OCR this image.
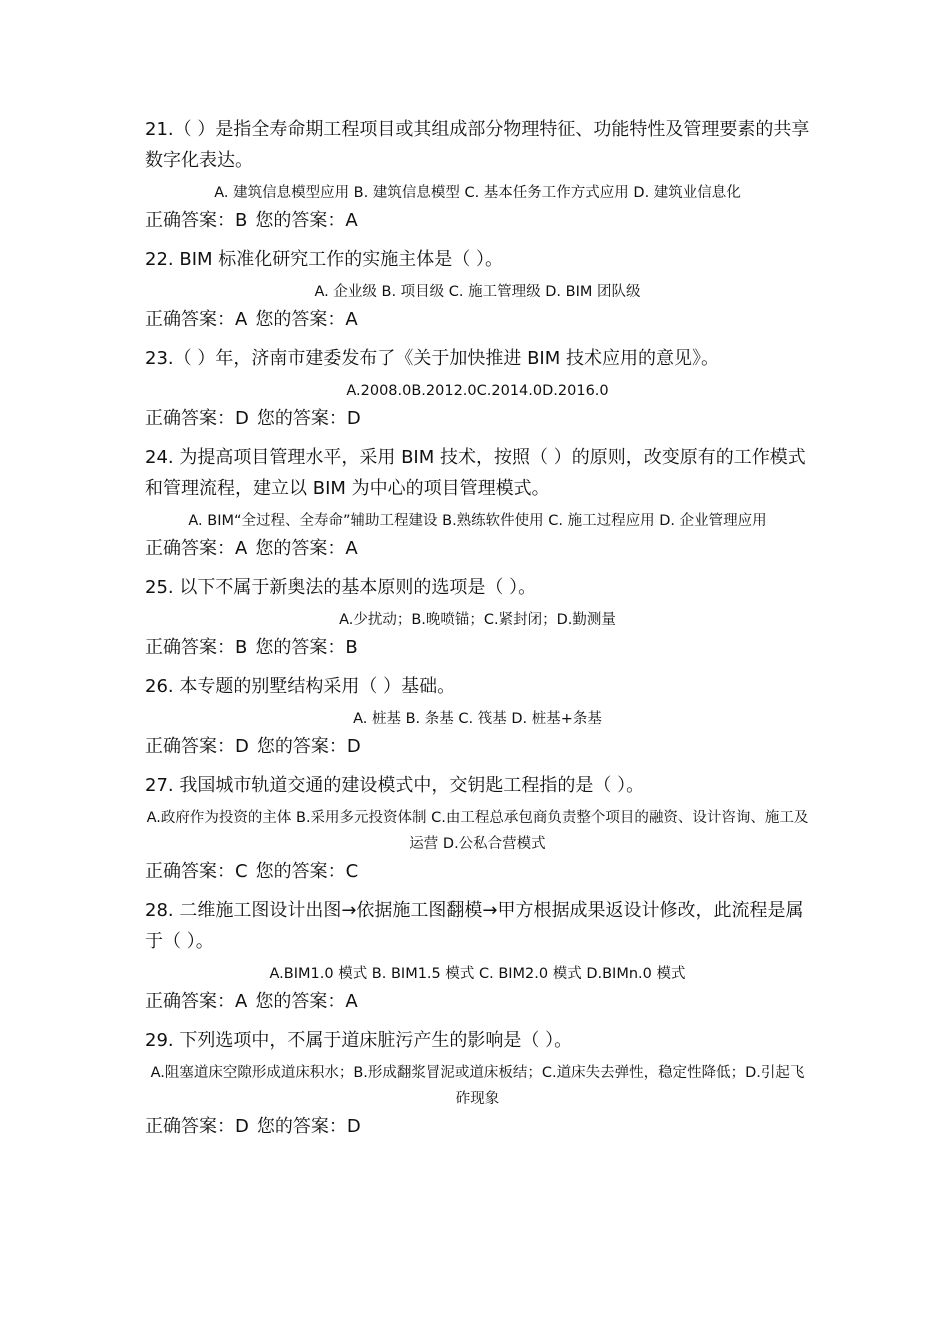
21.（ ）是指全寿命期工程项目或其组成部分物理特征、功能特性及管理要素的共享数字化表达。
A. 建筑信息模型应用 B. 建筑信息模型 C. 基本任务工作方式应用 D. 建筑业信息化
正确答案：B 您的答案：A
22. BIM 标准化研究工作的实施主体是（ ）。
A. 企业级 B. 项目级 C. 施工管理级 D. BIM 团队级
正确答案：A 您的答案：A
23.（ ）年，济南市建委发布了《关于加快推进 BIM 技术应用的意见》。
A.2008.0B.2012.0C.2014.0D.2016.0
正确答案：D 您的答案：D
24. 为提高项目管理水平，采用 BIM 技术，按照（ ）的原则，改变原有的工作模式和管理流程，建立以 BIM 为中心的项目管理模式。
A. BIM“全过程、全寿命”辅助工程建设 B.熟练软件使用 C. 施工过程应用 D. 企业管理应用
正确答案：A 您的答案：A
25. 以下不属于新奥法的基本原则的选项是（ ）。
A.少扰动；B.晚喷锚；C.紧封闭；D.勤测量
正确答案：B 您的答案：B
26. 本专题的别墅结构采用（ ）基础。
A. 桩基 B. 条基 C. 筏基 D. 桩基+条基
正确答案：D 您的答案：D
27. 我国城市轨道交通的建设模式中，交钥匙工程指的是（ ）。
A.政府作为投资的主体 B.采用多元投资体制 C.由工程总承包商负责整个项目的融资、设计咨询、施工及运营 D.公私合营模式
正确答案：C 您的答案：C
28. 二维施工图设计出图→依据施工图翻模→甲方根据成果返设计修改，此流程是属于（ ）。
A.BIM1.0 模式 B. BIM1.5 模式 C. BIM2.0 模式 D.BIMn.0 模式
正确答案：A 您的答案：A
29. 下列选项中，不属于道床脏污产生的影响是（ ）。
A.阻塞道床空隙形成道床积水；B.形成翻浆冒泥或道床板结；C.道床失去弹性，稳定性降低；D.引起飞砟现象
正确答案：D 您的答案：D
